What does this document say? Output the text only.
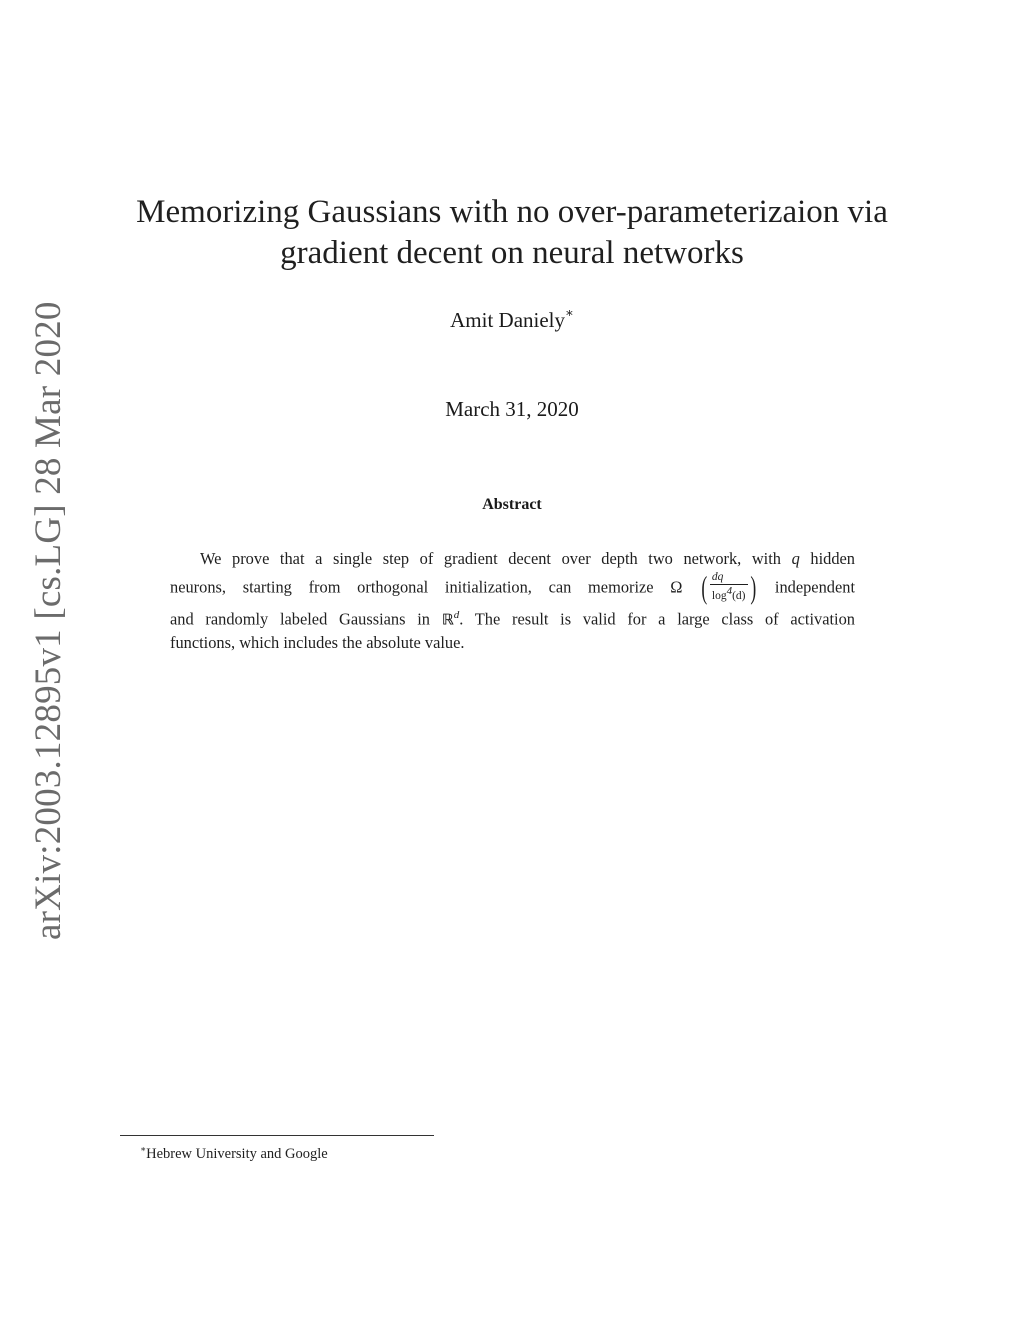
arXiv:2003.12895v1 [cs.LG] 28 Mar 2020
Memorizing Gaussians with no over-parameterizaion via
gradient decent on neural networks
Amit Daniely∗
March 31, 2020
Abstract
We prove that a single step of gradient decent over depth two network, with q hidden
neurons, starting from orthogonal initialization, can memorize Ω ( $\frac{dq}{\log^4(d)}$ ) independent
and randomly labeled Gaussians in ℝ$^d$. The result is valid for a large class of activation
functions, which includes the absolute value.
∗Hebrew University and Google
